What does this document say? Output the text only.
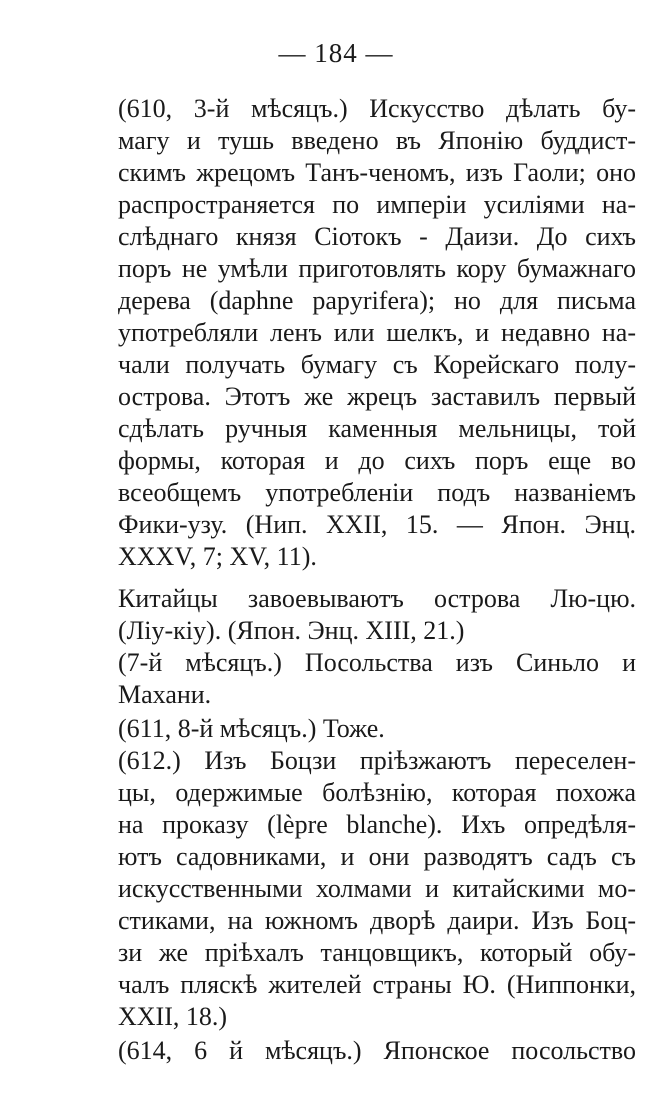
— 184 —
(610, 3-й мѣсяцъ.) Искусство дѣлать бу-
магу и тушь введено въ Японію буддист-
скимъ жрецомъ Танъ-ченомъ, изъ Гаоли; оно
распространяется по имперіи усиліями на-
слѣднаго князя Сіотокъ - Даизи. До сихъ
поръ не умѣли приготовлять кору бумажнаго
дерева (daphne papyrifera); но для письма
употребляли ленъ или шелкъ, и недавно на-
чали получать бумагу съ Корейскаго полу-
острова. Этотъ же жрецъ заставилъ первый
сдѣлать ручныя каменныя мельницы, той
формы, которая и до сихъ поръ еще во
всеобщемъ употребленіи подъ названіемъ
Фики-узу. (Нип. XXII, 15. — Япон. Энц.
XXXV, 7; XV, 11).
Китайцы завоевываютъ острова Лю-цю.
(Ліу-кіу). (Япон. Энц. XIII, 21.)
(7-й мѣсяцъ.) Посольства изъ Синьло и
Махани.
(611, 8-й мѣсяцъ.) Тоже.
(612.) Изъ Боцзи пріѣзжаютъ переселен-
цы, одержимые болѣзнію, которая похожа
на проказу (lèpre blanche). Ихъ опредѣля-
ютъ садовниками, и они разводятъ садъ съ
искусственными холмами и китайскими мо-
стиками, на южномъ дворѣ даири. Изъ Боц-
зи же пріѣхалъ танцовщикъ, который обу-
чалъ пляскѣ жителей страны Ю. (Ниппонки,
XXII, 18.)
(614, 6 й мѣсяцъ.) Японское посольство
